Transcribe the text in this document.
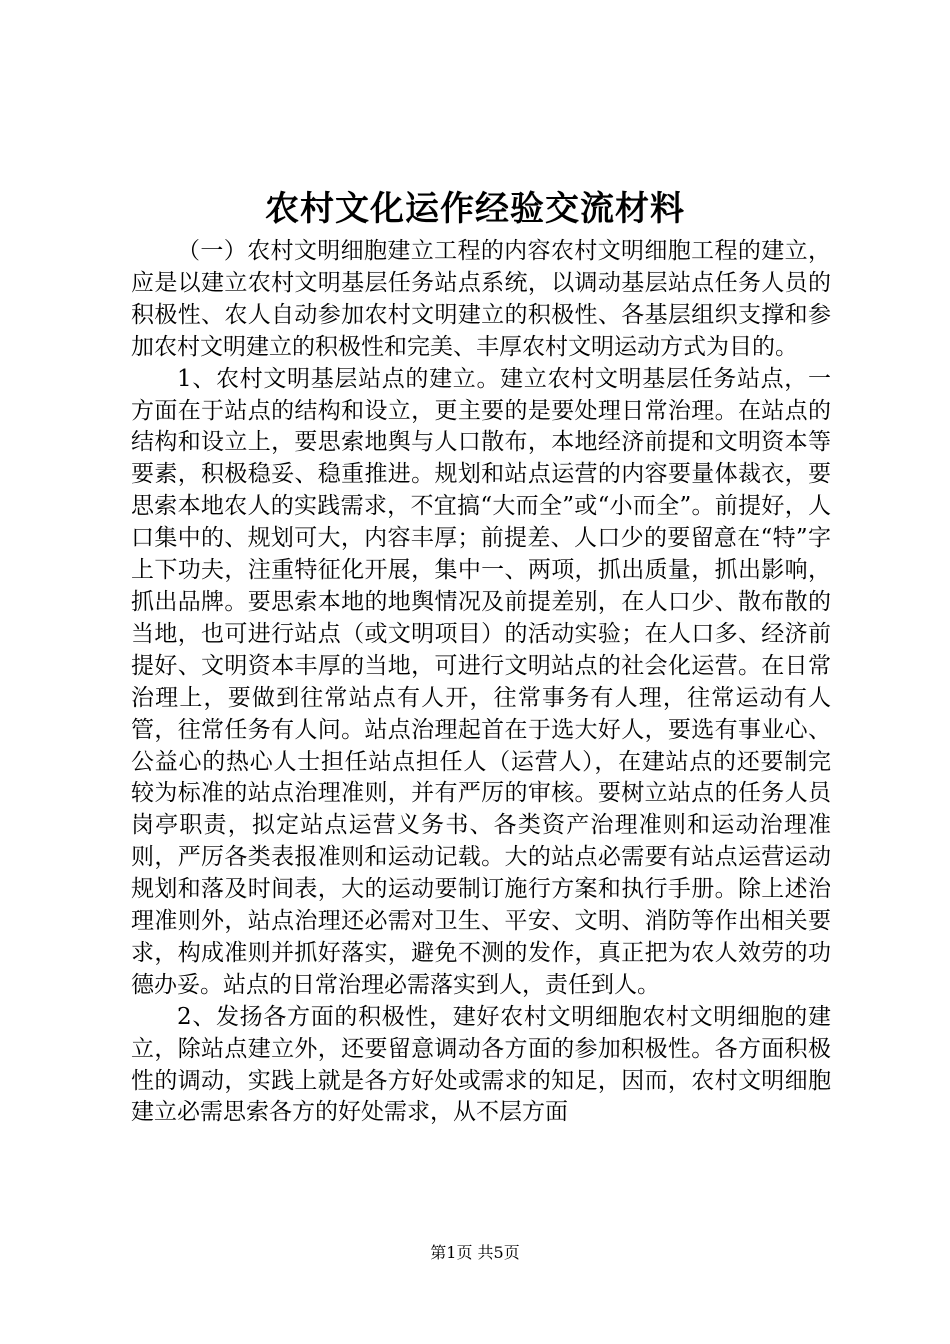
农村文化运作经验交流材料

（一）农村文明细胞建立工程的内容农村文明细胞工程的建立，应是以建立农村文明基层任务站点系统，以调动基层站点任务人员的积极性、农人自动参加农村文明建立的积极性、各基层组织支撑和参加农村文明建立的积极性和完美、丰厚农村文明运动方式为目的。

1、农村文明基层站点的建立。建立农村文明基层任务站点，一方面在于站点的结构和设立，更主要的是要处理日常治理。在站点的结构和设立上，要思索地舆与人口散布，本地经济前提和文明资本等要素，积极稳妥、稳重推进。规划和站点运营的内容要量体裁衣，要思索本地农人的实践需求，不宜搞“大而全”或“小而全”。前提好，人口集中的、规划可大，内容丰厚；前提差、人口少的要留意在“特”字上下功夫，注重特征化开展，集中一、两项，抓出质量，抓出影响，抓出品牌。要思索本地的地舆情况及前提差别，在人口少、散布散的当地，也可进行站点（或文明项目）的活动实验；在人口多、经济前提好、文明资本丰厚的当地，可进行文明站点的社会化运营。在日常治理上，要做到往常站点有人开，往常事务有人理，往常运动有人管，往常任务有人问。站点治理起首在于选大好人，要选有事业心、公益心的热心人士担任站点担任人（运营人），在建站点的还要制完较为标准的站点治理准则，并有严厉的审核。要树立站点的任务人员岗亭职责，拟定站点运营义务书、各类资产治理准则和运动治理准则，严厉各类表报准则和运动记载。大的站点必需要有站点运营运动规划和落及时间表，大的运动要制订施行方案和执行手册。除上述治理准则外，站点治理还必需对卫生、平安、文明、消防等作出相关要求，构成准则并抓好落实，避免不测的发作，真正把为农人效劳的功德办妥。站点的日常治理必需落实到人，责任到人。

2、发扬各方面的积极性，建好农村文明细胞农村文明细胞的建立，除站点建立外，还要留意调动各方面的参加积极性。各方面积极性的调动，实践上就是各方好处或需求的知足，因而，农村文明细胞建立必需思索各方的好处需求，从不层方面

第1页 共5页
